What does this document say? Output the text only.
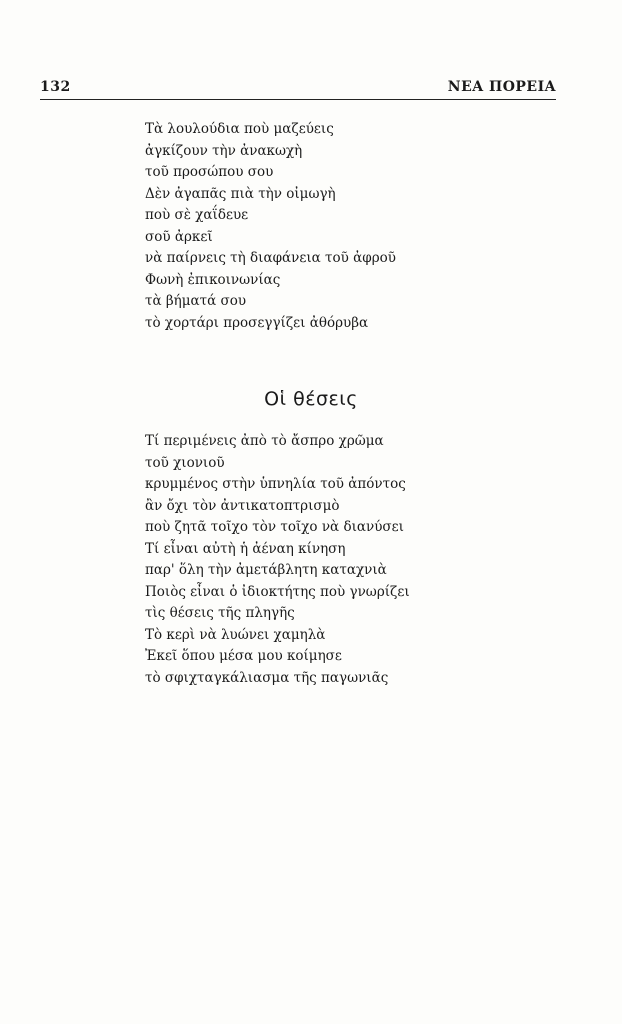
132	ΝΕΑ ΠΟΡΕΙΑ
Τὰ λουλούδια ποὺ μαζεύεις
ἀγκίζουν τὴν ἀνακωχὴ
τοῦ προσώπου σου
Δὲν ἀγαπᾶς πιὰ τὴν οἰμωγὴ
ποὺ σὲ χαΐδευε
σοῦ ἀρκεῖ
νὰ παίρνεις τὴ διαφάνεια τοῦ ἀφροῦ
Φωνὴ ἐπικοινωνίας
τὰ βήματά σου
τὸ χορτάρι προσεγγίζει ἀθόρυβα
Οἱ θέσεις
Τί περιμένεις ἀπὸ τὸ ἄσπρο χρῶμα
τοῦ χιονιοῦ
κρυμμένος στὴν ὑπνηλία τοῦ ἀπόντος
ἂν ὄχι τὸν ἀντικατοπτρισμὸ
ποὺ ζητᾶ τοῖχο τὸν τοῖχο νὰ διανύσει
Τί εἶναι αὐτὴ ἡ ἀέναη κίνηση
παρ' ὅλη τὴν ἀμετάβλητη καταχνιὰ
Ποιὸς εἶναι ὁ ἰδιοκτήτης ποὺ γνωρίζει
τὶς θέσεις τῆς πληγῆς
Τὸ κερὶ νὰ λυώνει χαμηλὰ
Ἐκεῖ ὅπου μέσα μου κοίμησε
τὸ σφιχταγκάλιασμα τῆς παγωνιᾶς
